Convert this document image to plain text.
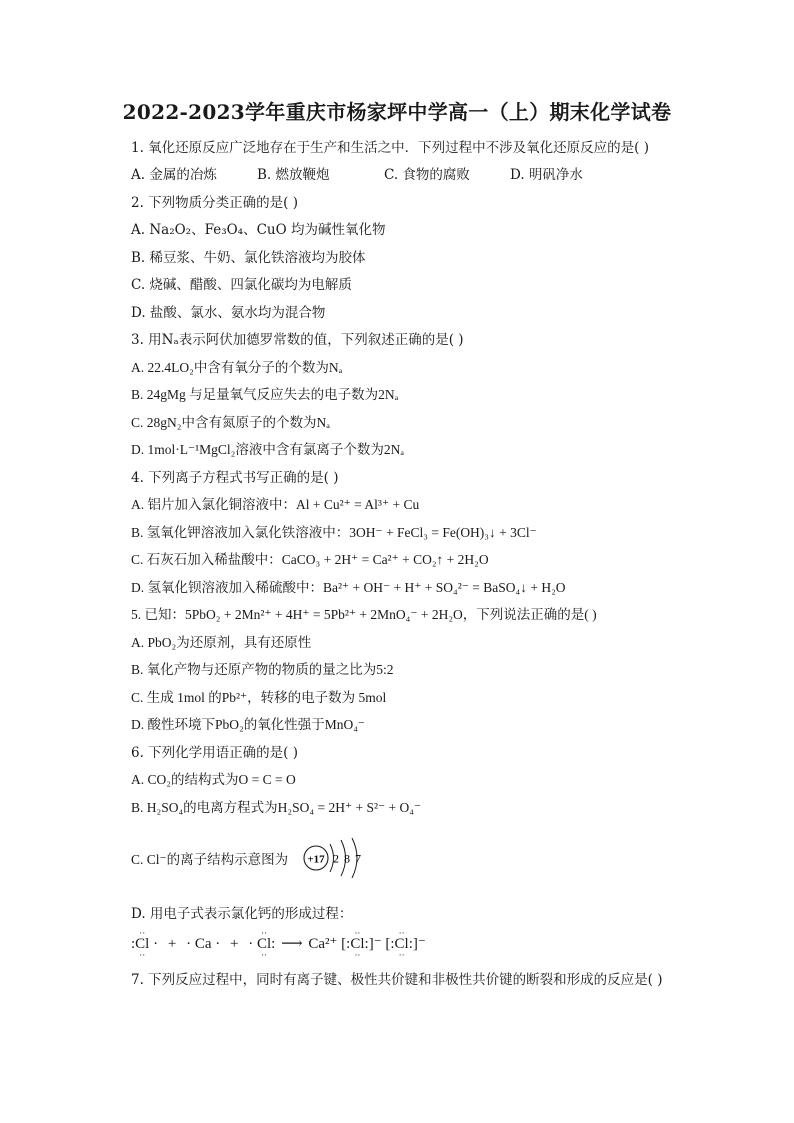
2022-2023学年重庆市杨家坪中学高一（上）期末化学试卷
1. 氧化还原反应广泛地存在于生产和生活之中．下列过程中不涉及氧化还原反应的是( )
A. 金属的冶炼	B. 燃放鞭炮	C. 食物的腐败	D. 明矾净水
2. 下列物质分类正确的是( )
A. Na₂O₂、Fe₃O₄、CuO 均为碱性氧化物
B. 稀豆浆、牛奶、氯化铁溶液均为胶体
C. 烧碱、醋酸、四氯化碳均为电解质
D. 盐酸、氯水、氨水均为混合物
3. 用Nₐ表示阿伏加德罗常数的值，下列叙述正确的是( )
A. 22.4LO₂中含有氧分子的个数为Nₐ
B. 24gMg 与足量氧气反应失去的电子数为2Nₐ
C. 28gN₂中含有氮原子的个数为Nₐ
D. 1mol·L⁻¹MgCl₂溶液中含有氯离子个数为2Nₐ
4. 下列离子方程式书写正确的是( )
A. 铝片加入氯化铜溶液中：Al + Cu²⁺ = Al³⁺ + Cu
B. 氢氧化钾溶液加入氯化铁溶液中：3OH⁻ + FeCl₃ = Fe(OH)₃↓ + 3Cl⁻
C. 石灰石加入稀盐酸中：CaCO₃ + 2H⁺ = Ca²⁺ + CO₂↑ + 2H₂O
D. 氢氧化钡溶液加入稀硫酸中：Ba²⁺ + OH⁻ + H⁺ + SO₄²⁻ = BaSO₄↓ + H₂O
5. 已知：5PbO₂ + 2Mn²⁺ + 4H⁺ = 5Pb²⁺ + 2MnO₄⁻ + 2H₂O，下列说法正确的是( )
A. PbO₂为还原剂，具有还原性
B. 氧化产物与还原产物的物质的量之比为5:2
C. 生成 1mol 的Pb²⁺，转移的电子数为 5mol
D. 酸性环境下PbO₂的氧化性强于MnO₄⁻
6. 下列化学用语正确的是( )
A. CO₂的结构式为O = C = O
B. H₂SO₄的电离方程式为H₂SO₄ = 2H⁺ + S²⁻ + O₄⁻
C. Cl⁻的离子结构示意图为 +17 2 8 7
D. 用电子式表示氯化钙的形成过程：
:
··
Cl
··
· + · Ca · + ·
··
Cl
··
: ⟶ Ca²⁺ [:
··
Cl
··
:]⁻ [:
··
Cl
··
:]⁻
7. 下列反应过程中，同时有离子键、极性共价键和非极性共价键的断裂和形成的反应是( )
